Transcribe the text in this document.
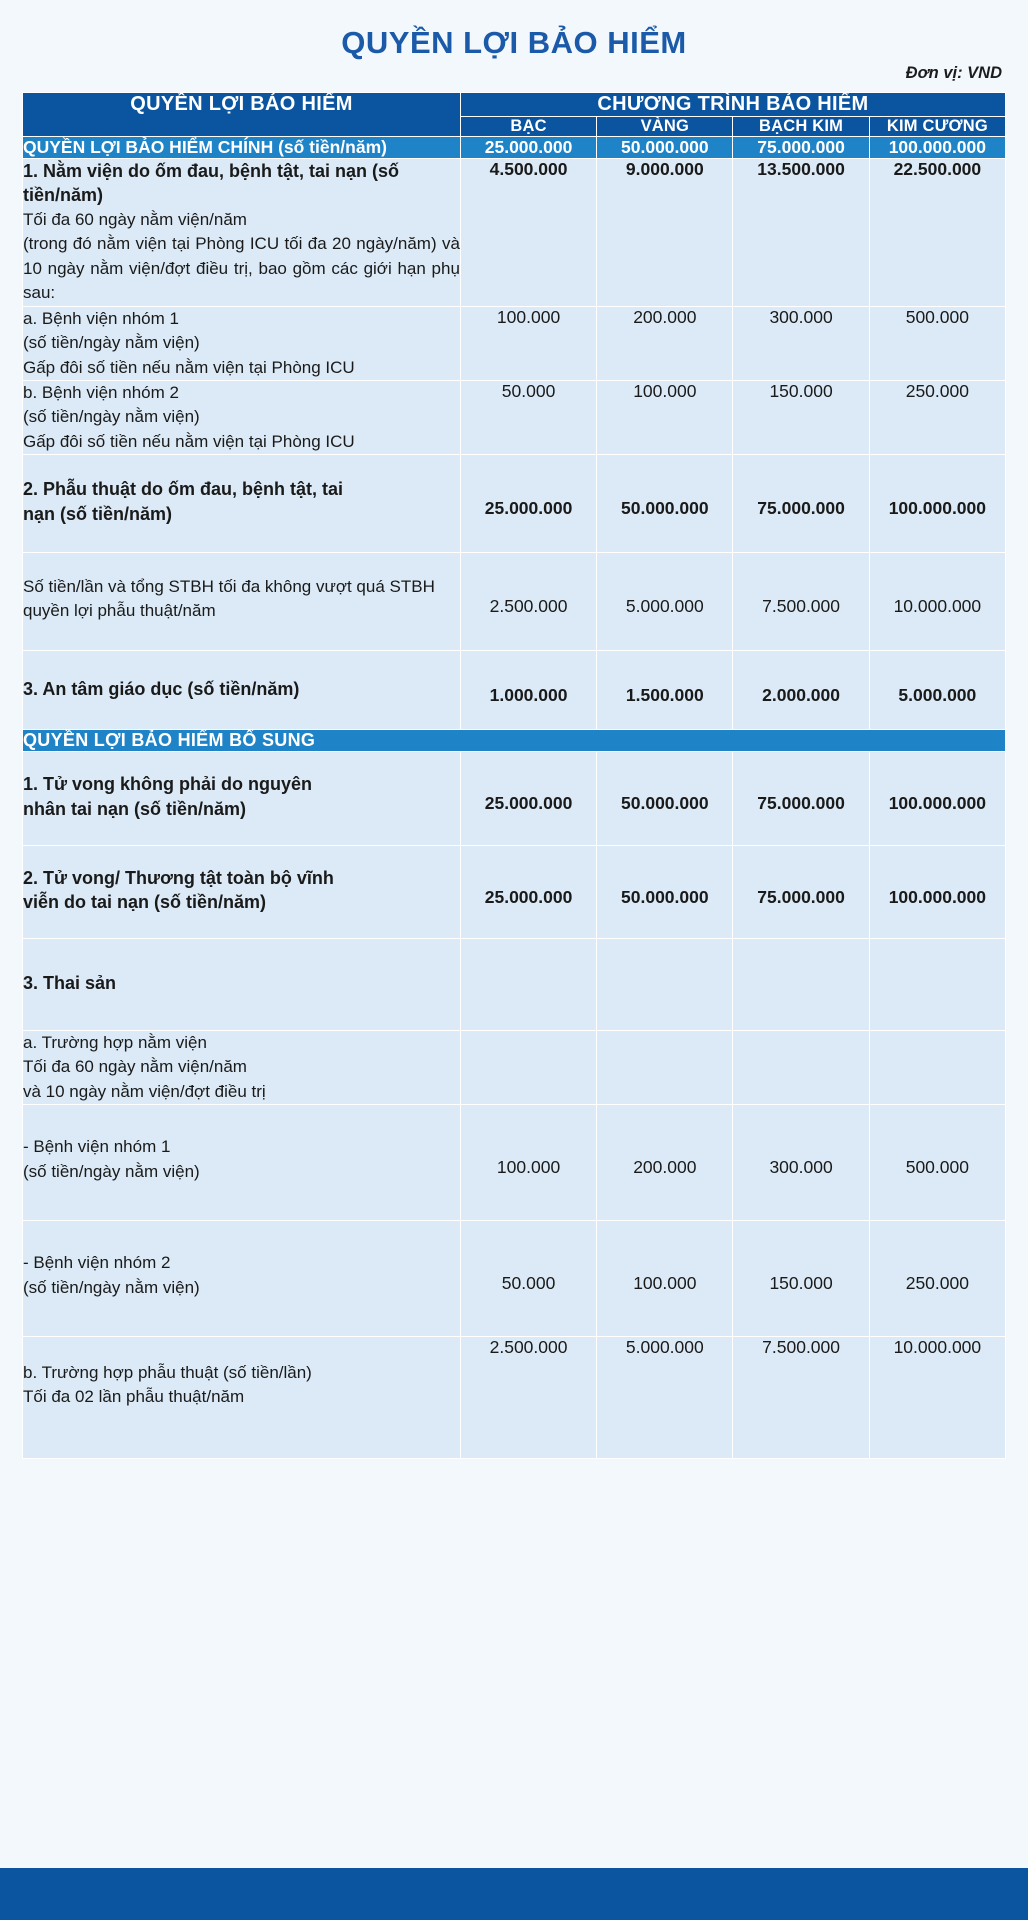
QUYỀN LỢI BẢO HIỂM
Đơn vị: VND
QUYỀN LỢI BẢO HIỂM	CHƯƠNG TRÌNH BẢO HIỂM			
	BẠC	VÀNG	BẠCH KIM	KIM CƯƠNG
QUYỀN LỢI BẢO HIỂM CHÍNH (số tiền/năm)	25.000.000	50.000.000	75.000.000	100.000.000

1. Nằm viện do ốm đau, bệnh tật, tai nạn (số tiền/năm)
Tối đa 60 ngày nằm viện/năm
(trong đó nằm viện tại Phòng ICU tối đa 20 ngày/năm) và 10 ngày nằm viện/đợt điều trị, bao gồm các giới hạn phụ sau:	4.500.000	9.000.000	13.500.000	22.500.000

a. Bệnh viện nhóm 1
(số tiền/ngày nằm viện)
Gấp đôi số tiền nếu nằm viện tại Phòng ICU	100.000	200.000	300.000	500.000

b. Bệnh viện nhóm 2
(số tiền/ngày nằm viện)
Gấp đôi số tiền nếu nằm viện tại Phòng ICU	50.000	100.000	150.000	250.000

2. Phẫu thuật do ốm đau, bệnh tật, tai nạn (số tiền/năm)	25.000.000	50.000.000	75.000.000	100.000.000

Số tiền/lần và tổng STBH tối đa không vượt quá STBH quyền lợi phẫu thuật/năm	2.500.000	5.000.000	7.500.000	10.000.000

3. An tâm giáo dục (số tiền/năm)	1.000.000	1.500.000	2.000.000	5.000.000
QUYỀN LỢI BẢO HIỂM BỔ SUNG				

1. Tử vong không phải do nguyên nhân tai nạn (số tiền/năm)	25.000.000	50.000.000	75.000.000	100.000.000

2. Tử vong/ Thương tật toàn bộ vĩnh viễn do tai nạn (số tiền/năm)	25.000.000	50.000.000	75.000.000	100.000.000

3. Thai sản				

a. Trường hợp nằm viện
Tối đa 60 ngày nằm viện/năm
và 10 ngày nằm viện/đợt điều trị				

- Bệnh viện nhóm 1
(số tiền/ngày nằm viện)	100.000	200.000	300.000	500.000

- Bệnh viện nhóm 2
(số tiền/ngày nằm viện)	50.000	100.000	150.000	250.000

b. Trường hợp phẫu thuật (số tiền/lần)
Tối đa 02 lần phẫu thuật/năm	2.500.000	5.000.000	7.500.000	10.000.000
